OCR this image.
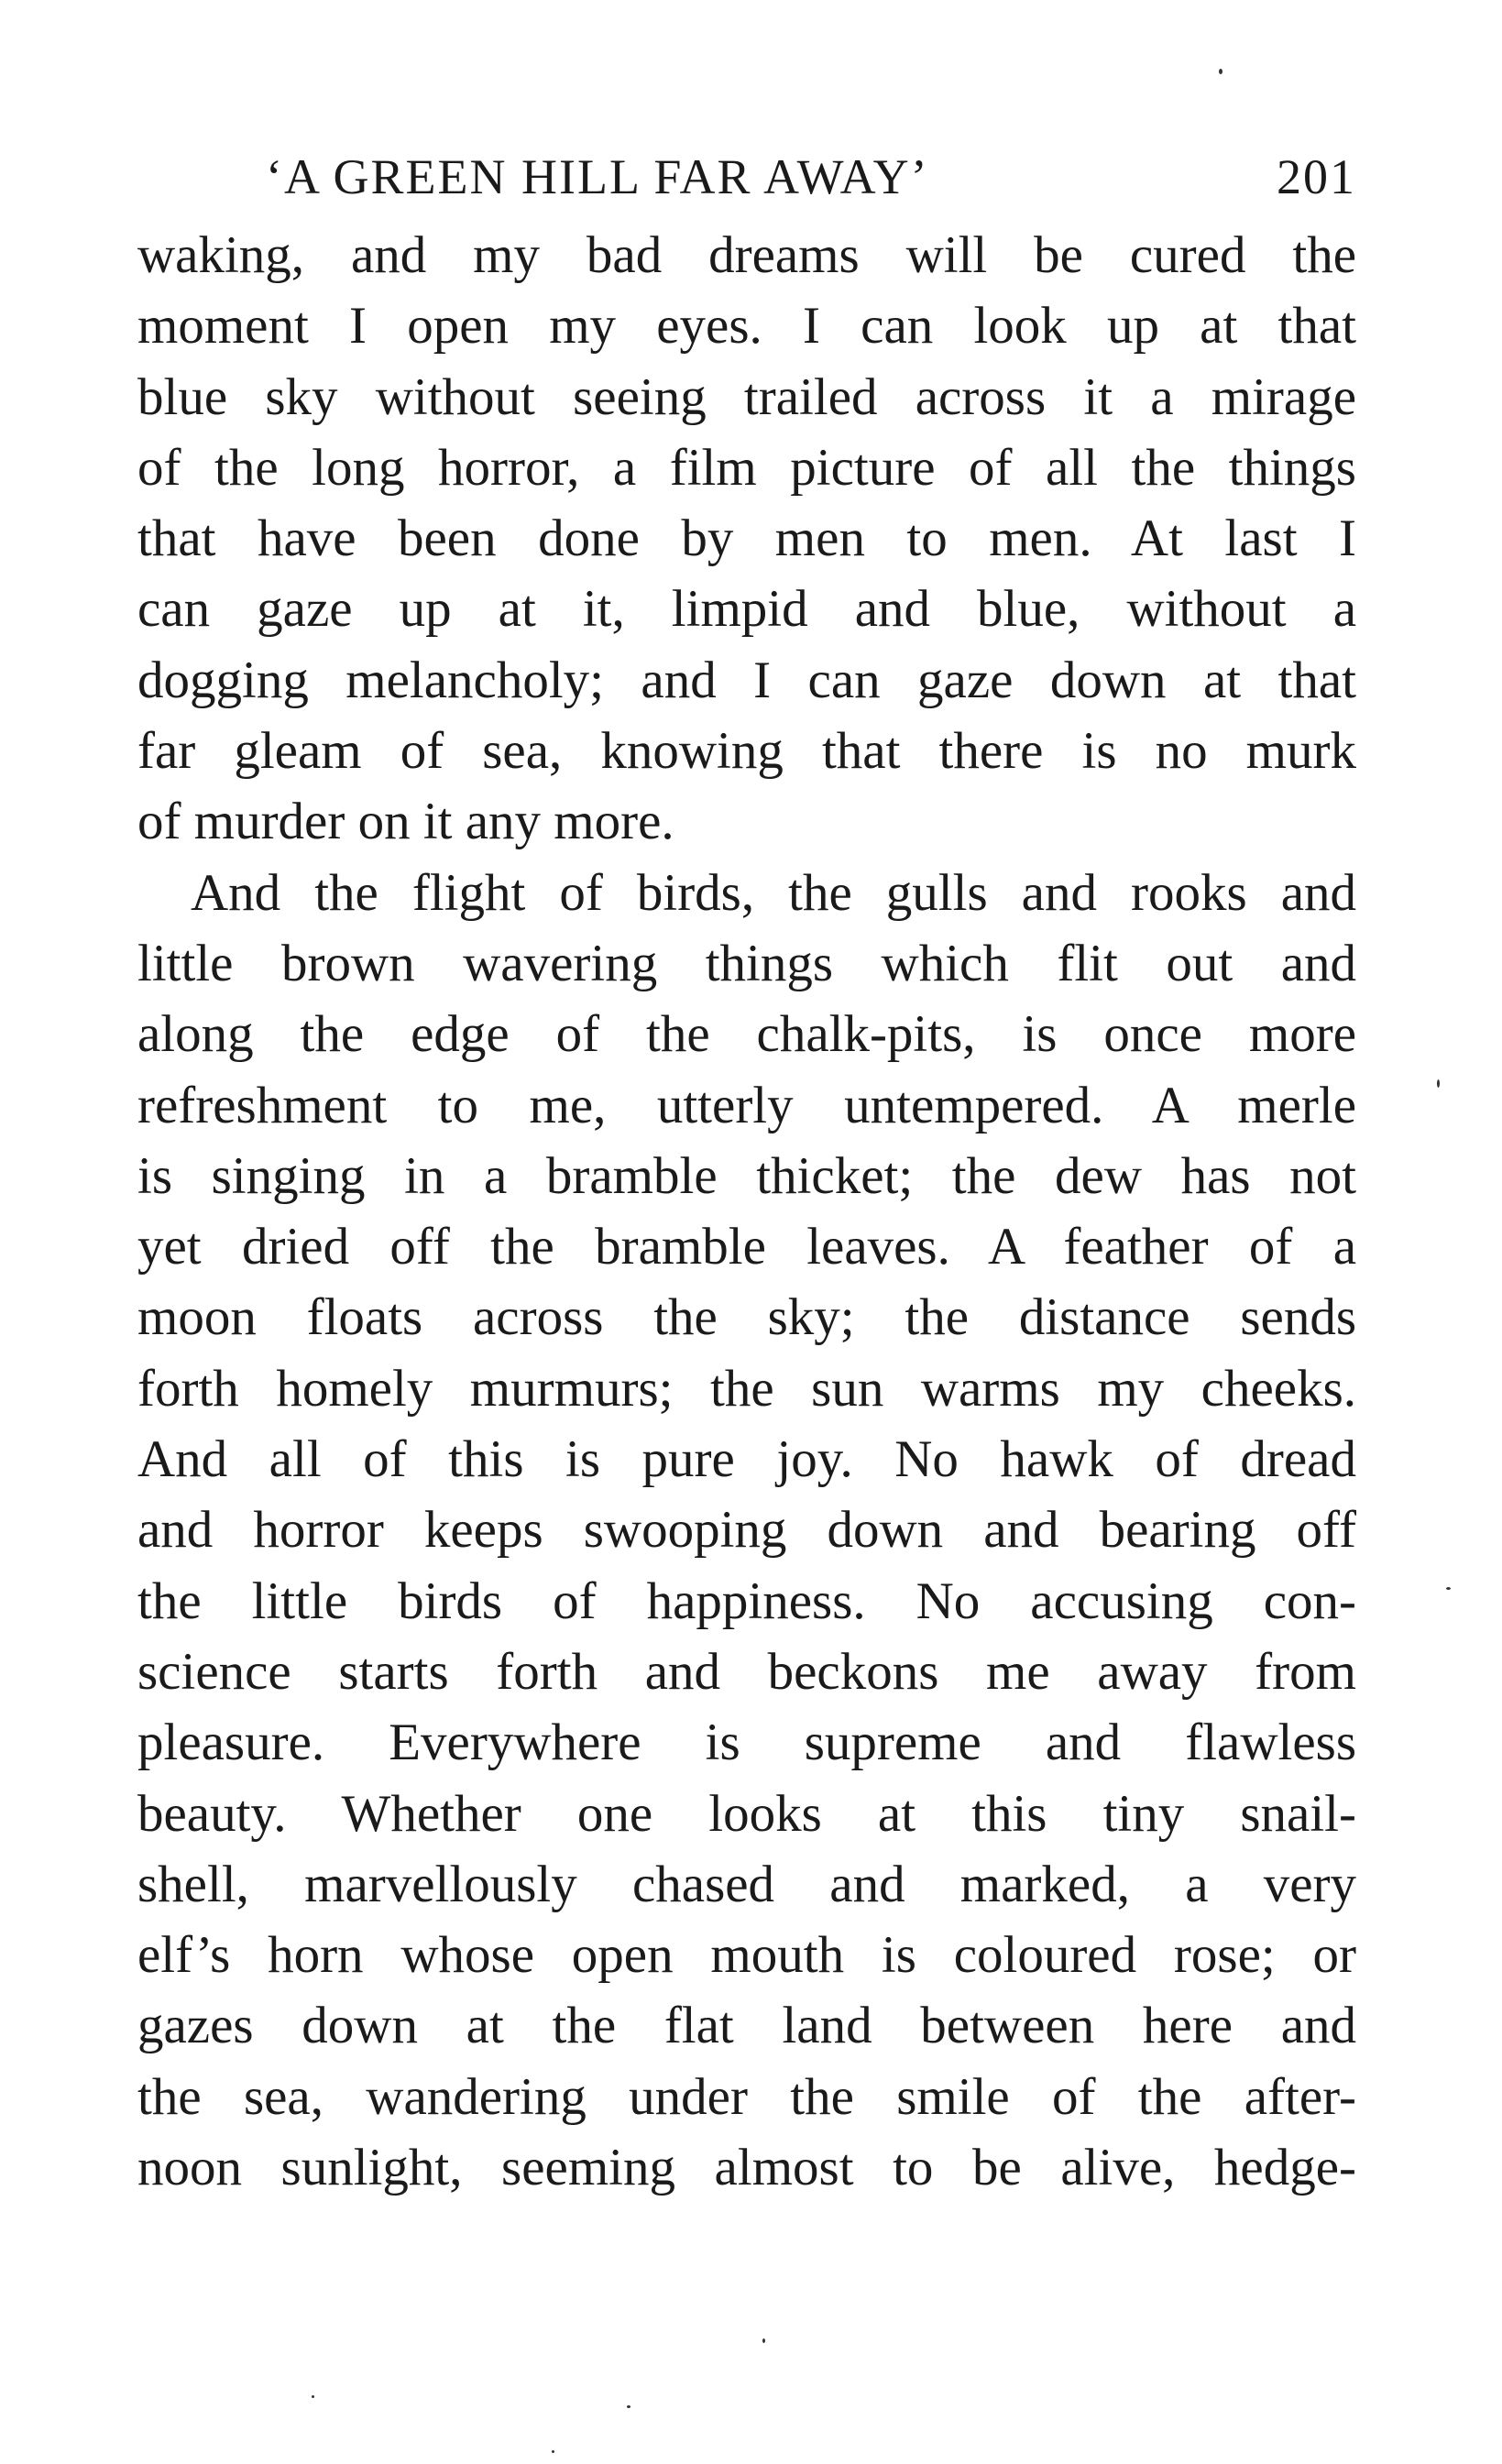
‘A GREEN HILL FAR AWAY’	201
waking, and my bad dreams will be cured the
moment I open my eyes. I can look up at that
blue sky without seeing trailed across it a mirage
of the long horror, a film picture of all the things
that have been done by men to men. At last I
can gaze up at it, limpid and blue, without a
dogging melancholy; and I can gaze down at that
far gleam of sea, knowing that there is no murk
of murder on it any more.
And the flight of birds, the gulls and rooks and
little brown wavering things which flit out and
along the edge of the chalk-pits, is once more
refreshment to me, utterly untempered. A merle
is singing in a bramble thicket; the dew has not
yet dried off the bramble leaves. A feather of a
moon floats across the sky; the distance sends
forth homely murmurs; the sun warms my cheeks.
And all of this is pure joy. No hawk of dread
and horror keeps swooping down and bearing off
the little birds of happiness. No accusing con-
science starts forth and beckons me away from
pleasure. Everywhere is supreme and flawless
beauty. Whether one looks at this tiny snail-
shell, marvellously chased and marked, a very
elf’s horn whose open mouth is coloured rose; or
gazes down at the flat land between here and
the sea, wandering under the smile of the after-
noon sunlight, seeming almost to be alive, hedge-
